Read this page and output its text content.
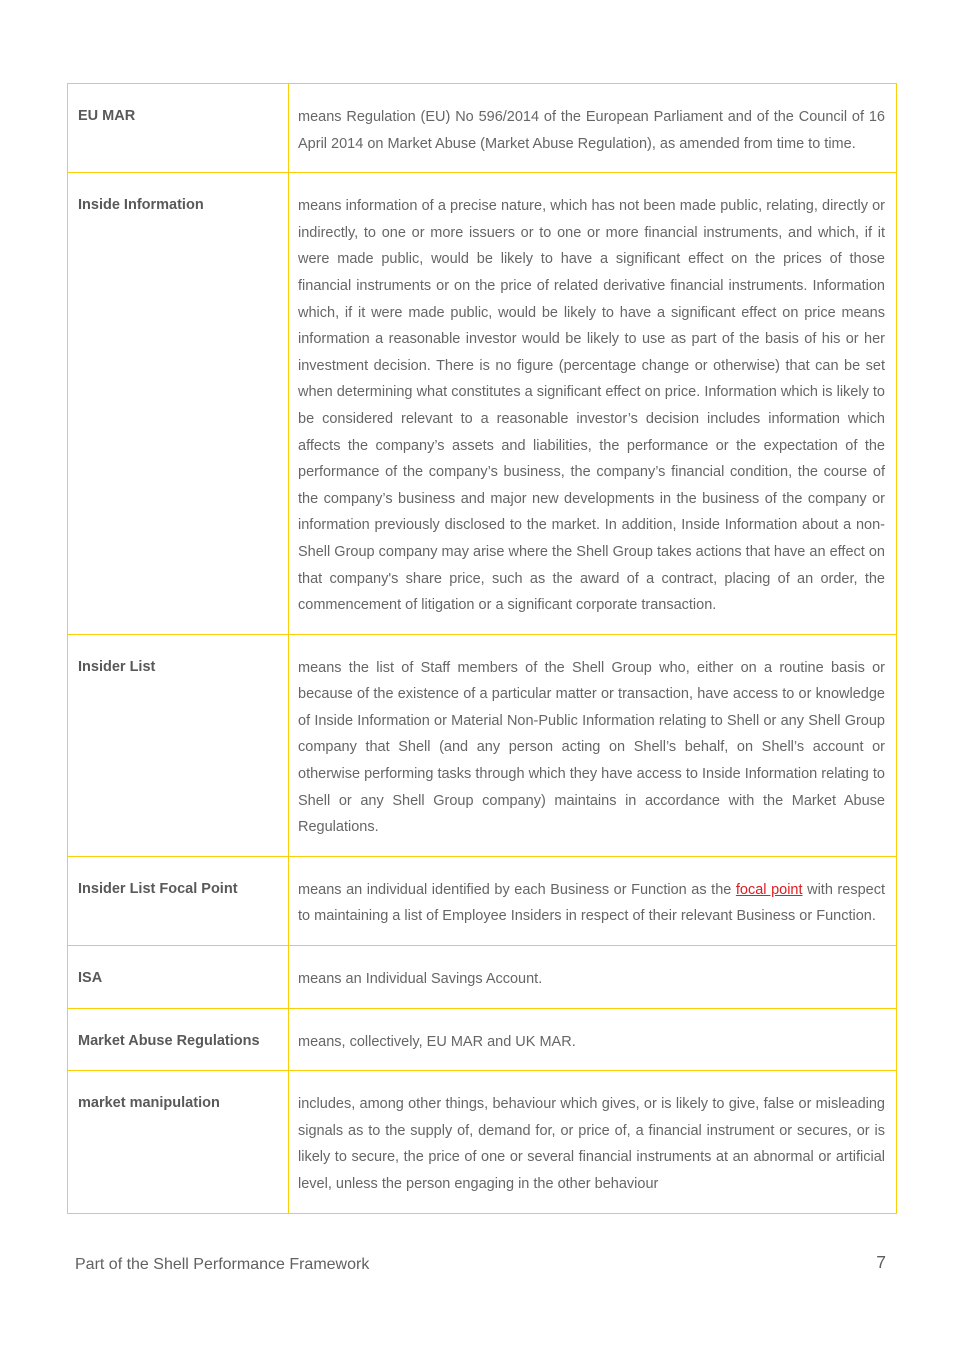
EU MAR	means Regulation (EU) No 596/2014 of the European Parliament and of the Council of 16 April 2014 on Market Abuse (Market Abuse Regulation), as amended from time to time.

Inside Information	means information of a precise nature, which has not been made public, relating, directly or indirectly, to one or more issuers or to one or more financial instruments, and which, if it were made public, would be likely to have a significant effect on the prices of those financial instruments or on the price of related derivative financial instruments. Information which, if it were made public, would be likely to have a significant effect on price means information a reasonable investor would be likely to use as part of the basis of his or her investment decision. There is no figure (percentage change or otherwise) that can be set when determining what constitutes a significant effect on price. Information which is likely to be considered relevant to a reasonable investor’s decision includes information which affects the company’s assets and liabilities, the performance or the expectation of the performance of the company’s business, the company’s financial condition, the course of the company’s business and major new developments in the business of the company or information previously disclosed to the market. In addition, Inside Information about a non-Shell Group company may arise where the Shell Group takes actions that have an effect on that company's share price, such as the award of a contract, placing of an order, the commencement of litigation or a significant corporate transaction.

Insider List	means the list of Staff members of the Shell Group who, either on a routine basis or because of the existence of a particular matter or transaction, have access to or knowledge of Inside Information or Material Non-Public Information relating to Shell or any Shell Group company that Shell (and any person acting on Shell’s behalf, on Shell’s account or otherwise performing tasks through which they have access to Inside Information relating to Shell or any Shell Group company) maintains in accordance with the Market Abuse Regulations.

Insider List Focal Point	means an individual identified by each Business or Function as the focal point with respect to maintaining a list of Employee Insiders in respect of their relevant Business or Function.

ISA	means an Individual Savings Account.

Market Abuse Regulations	means, collectively, EU MAR and UK MAR.

market manipulation	includes, among other things, behaviour which gives, or is likely to give, false or misleading signals as to the supply of, demand for, or price of, a financial instrument or secures, or is likely to secure, the price of one or several financial instruments at an abnormal or artificial level, unless the person engaging in the other behaviour

Part of the Shell Performance Framework	7
